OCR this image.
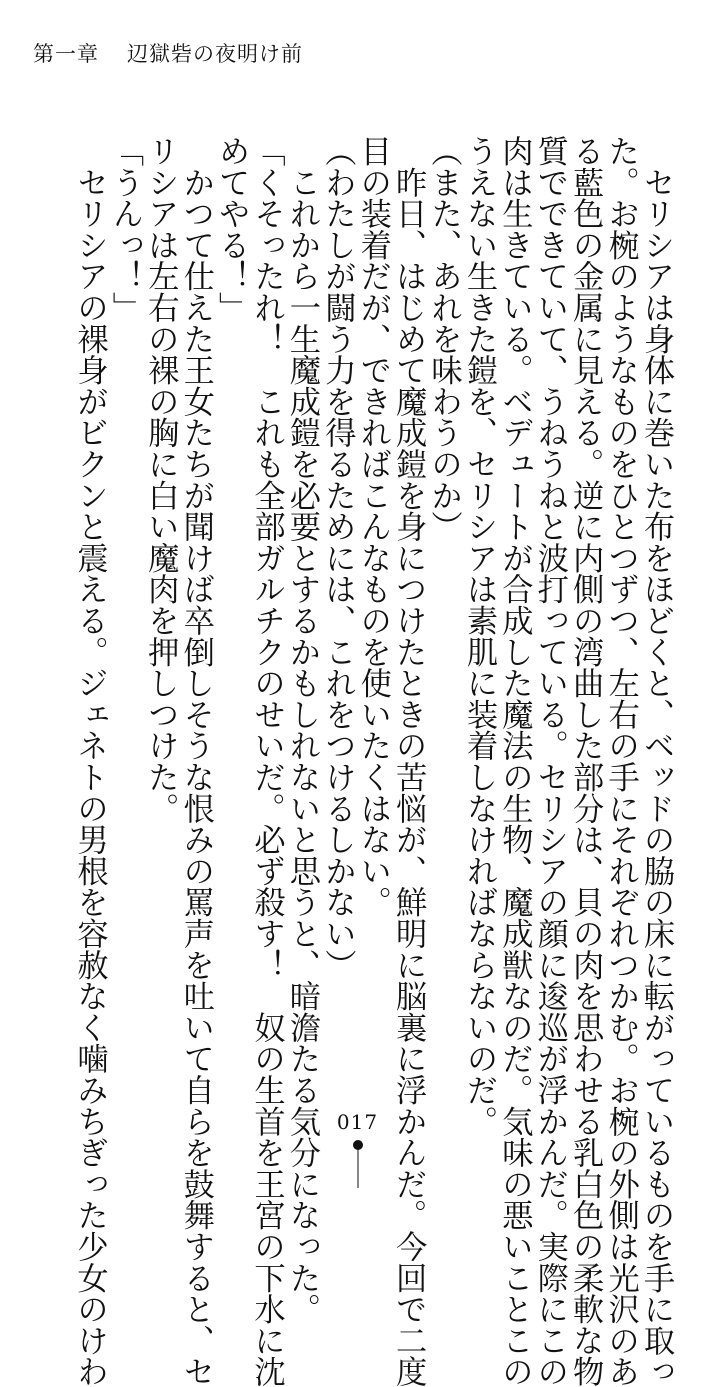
第一章 辺獄砦の夜明け前
　セリシアは身体に巻いた布をほどくと、ベッドの脇の床に転がっているものを手に取っ
た。お椀のようなものをひとつずつ、左右の手にそれぞれつかむ。お椀の外側は光沢のあ
る藍色の金属に見える。逆に内側の湾曲した部分は、貝の肉を思わせる乳白色の柔軟な物
質でできていて、うねうねと波打っている。セリシアの顔に逡巡が浮かんだ。実際にこの
肉は生きている。ベデュートが合成した魔法の生物、魔成獣なのだ。気味の悪いことこの
うえない生きた鎧を、セリシアは素肌に装着しなければならないのだ。
（また、あれを味わうのか）
　昨日、はじめて魔成鎧を身につけたときの苦悩が、鮮明に脳裏に浮かんだ。今回で二度
目の装着だが、できればこんなものを使いたくはない。
（わたしが闘う力を得るためには、これをつけるしかない）
　これから一生魔成鎧を必要とするかもしれないと思うと、暗澹たる気分になった。
「くそったれ！　これも全部ガルチクのせいだ。必ず殺す！　奴の生首を王宮の下水に沈
めてやる！」
　かつて仕えた王女たちが聞けば卒倒しそうな恨みの罵声を吐いて自らを鼓舞すると、セ
リシアは左右の裸の胸に白い魔肉を押しつけた。
「うんっ！」
　セリシアの裸身がビクンと震える。ジェネトの男根を容赦なく噛みちぎった少女のけわ	017
